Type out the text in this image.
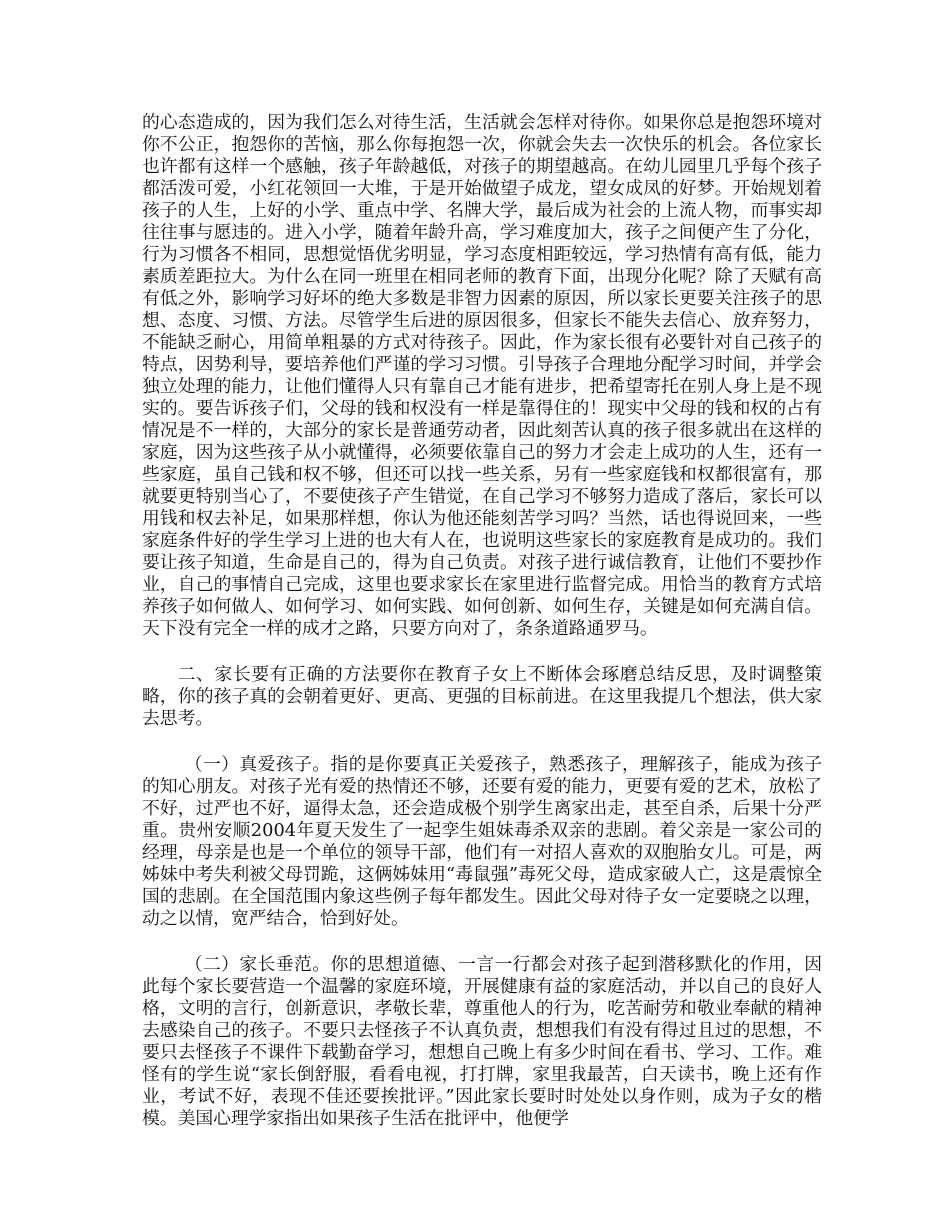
的心态造成的，因为我们怎么对待生活，生活就会怎样对待你。如果你总是抱怨环境对你不公正，抱怨你的苦恼，那么你每抱怨一次，你就会失去一次快乐的机会。各位家长也许都有这样一个感触，孩子年龄越低，对孩子的期望越高。在幼儿园里几乎每个孩子都活泼可爱，小红花领回一大堆，于是开始做望子成龙，望女成凤的好梦。开始规划着孩子的人生，上好的小学、重点中学、名牌大学，最后成为社会的上流人物，而事实却往往事与愿违的。进入小学，随着年龄升高，学习难度加大，孩子之间便产生了分化，行为习惯各不相同，思想觉悟优劣明显，学习态度相距较远，学习热情有高有低，能力素质差距拉大。为什么在同一班里在相同老师的教育下面，出现分化呢？除了天赋有高有低之外，影响学习好坏的绝大多数是非智力因素的原因，所以家长更要关注孩子的思想、态度、习惯、方法。尽管学生后进的原因很多，但家长不能失去信心、放弃努力，不能缺乏耐心，用简单粗暴的方式对待孩子。因此，作为家长很有必要针对自己孩子的特点，因势利导，要培养他们严谨的学习习惯。引导孩子合理地分配学习时间，并学会独立处理的能力，让他们懂得人只有靠自己才能有进步，把希望寄托在别人身上是不现实的。要告诉孩子们，父母的钱和权没有一样是靠得住的！现实中父母的钱和权的占有情况是不一样的，大部分的家长是普通劳动者，因此刻苦认真的孩子很多就出在这样的家庭，因为这些孩子从小就懂得，必须要依靠自己的努力才会走上成功的人生，还有一些家庭，虽自己钱和权不够，但还可以找一些关系，另有一些家庭钱和权都很富有，那就要更特别当心了，不要使孩子产生错觉，在自己学习不够努力造成了落后，家长可以用钱和权去补足，如果那样想，你认为他还能刻苦学习吗？当然，话也得说回来，一些家庭条件好的学生学习上进的也大有人在，也说明这些家长的家庭教育是成功的。我们要让孩子知道，生命是自己的，得为自己负责。对孩子进行诚信教育，让他们不要抄作业，自己的事情自己完成，这里也要求家长在家里进行监督完成。用恰当的教育方式培养孩子如何做人、如何学习、如何实践、如何创新、如何生存，关键是如何充满自信。天下没有完全一样的成才之路，只要方向对了，条条道路通罗马。

二、家长要有正确的方法要你在教育子女上不断体会琢磨总结反思，及时调整策略，你的孩子真的会朝着更好、更高、更强的目标前进。在这里我提几个想法，供大家去思考。

（一）真爱孩子。指的是你要真正关爱孩子，熟悉孩子，理解孩子，能成为孩子的知心朋友。对孩子光有爱的热情还不够，还要有爱的能力，更要有爱的艺术，放松了不好，过严也不好，逼得太急，还会造成极个别学生离家出走，甚至自杀，后果十分严重。贵州安顺2004年夏天发生了一起孪生姐妹毒杀双亲的悲剧。着父亲是一家公司的经理，母亲是也是一个单位的领导干部，他们有一对招人喜欢的双胞胎女儿。可是，两姊妹中考失利被父母罚跪，这俩姊妹用“毒鼠强”毒死父母，造成家破人亡，这是震惊全国的悲剧。在全国范围内象这些例子每年都发生。因此父母对待子女一定要晓之以理，动之以情，宽严结合，恰到好处。

（二）家长垂范。你的思想道德、一言一行都会对孩子起到潜移默化的作用，因此每个家长要营造一个温馨的家庭环境，开展健康有益的家庭活动，并以自己的良好人格，文明的言行，创新意识，孝敬长辈，尊重他人的行为，吃苦耐劳和敬业奉献的精神去感染自己的孩子。不要只去怪孩子不认真负责，想想我们有没有得过且过的思想，不要只去怪孩子不课件下载勤奋学习，想想自己晚上有多少时间在看书、学习、工作。难怪有的学生说“家长倒舒服，看看电视，打打牌，家里我最苦，白天读书，晚上还有作业，考试不好，表现不佳还要挨批评。”因此家长要时时处处以身作则，成为子女的楷模。美国心理学家指出如果孩子生活在批评中，他便学
